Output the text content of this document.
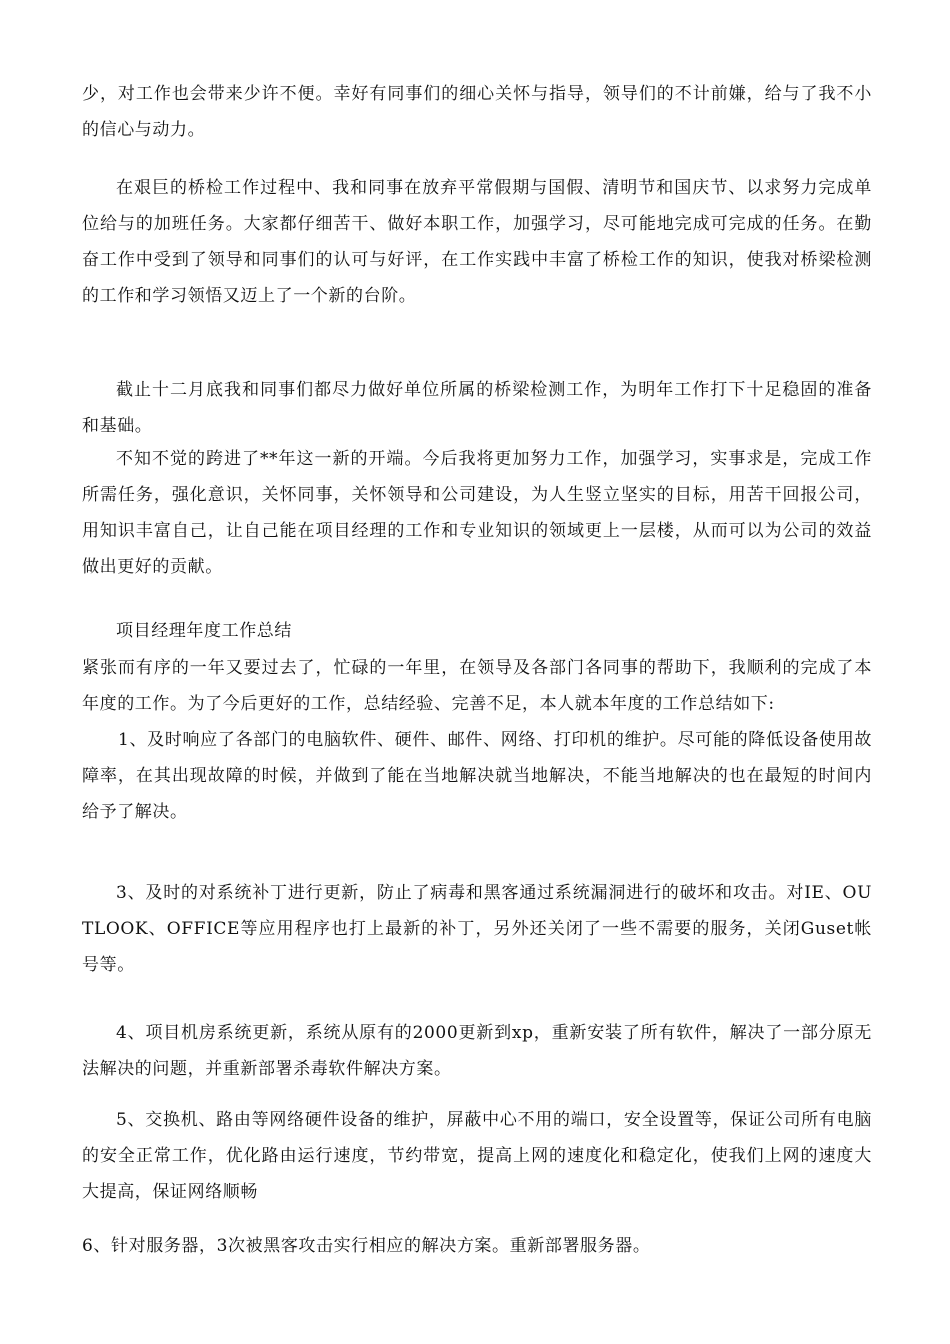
少，对工作也会带来少许不便。幸好有同事们的细心关怀与指导，领导们的不计前嫌，给与了我不小的信心与动力。

在艰巨的桥检工作过程中、我和同事在放弃平常假期与国假、清明节和国庆节、以求努力完成单位给与的加班任务。大家都仔细苦干、做好本职工作，加强学习，尽可能地完成可完成的任务。在勤奋工作中受到了领导和同事们的认可与好评，在工作实践中丰富了桥检工作的知识，使我对桥梁检测的工作和学习领悟又迈上了一个新的台阶。

截止十二月底我和同事们都尽力做好单位所属的桥梁检测工作，为明年工作打下十足稳固的准备和基础。

不知不觉的跨进了**年这一新的开端。今后我将更加努力工作，加强学习，实事求是，完成工作所需任务，强化意识，关怀同事，关怀领导和公司建设，为人生竖立坚实的目标，用苦干回报公司，用知识丰富自己，让自己能在项目经理的工作和专业知识的领域更上一层楼，从而可以为公司的效益做出更好的贡献。

项目经理年度工作总结

紧张而有序的一年又要过去了，忙碌的一年里，在领导及各部门各同事的帮助下，我顺利的完成了本年度的工作。为了今后更好的工作，总结经验、完善不足，本人就本年度的工作总结如下:

1、及时响应了各部门的电脑软件、硬件、邮件、网络、打印机的维护。尽可能的降低设备使用故障率，在其出现故障的时候，并做到了能在当地解决就当地解决，不能当地解决的也在最短的时间内给予了解决。

3、及时的对系统补丁进行更新，防止了病毒和黑客通过系统漏洞进行的破坏和攻击。对IE、OUTLOOK、OFFICE等应用程序也打上最新的补丁，另外还关闭了一些不需要的服务，关闭Guset帐号等。

4、项目机房系统更新，系统从原有的2000更新到xp，重新安装了所有软件，解决了一部分原无法解决的问题，并重新部署杀毒软件解决方案。

5、交换机、路由等网络硬件设备的维护，屏蔽中心不用的端口，安全设置等，保证公司所有电脑的安全正常工作，优化路由运行速度，节约带宽，提高上网的速度化和稳定化，使我们上网的速度大大提高，保证网络顺畅

6、针对服务器，3次被黑客攻击实行相应的解决方案。重新部署服务器。
